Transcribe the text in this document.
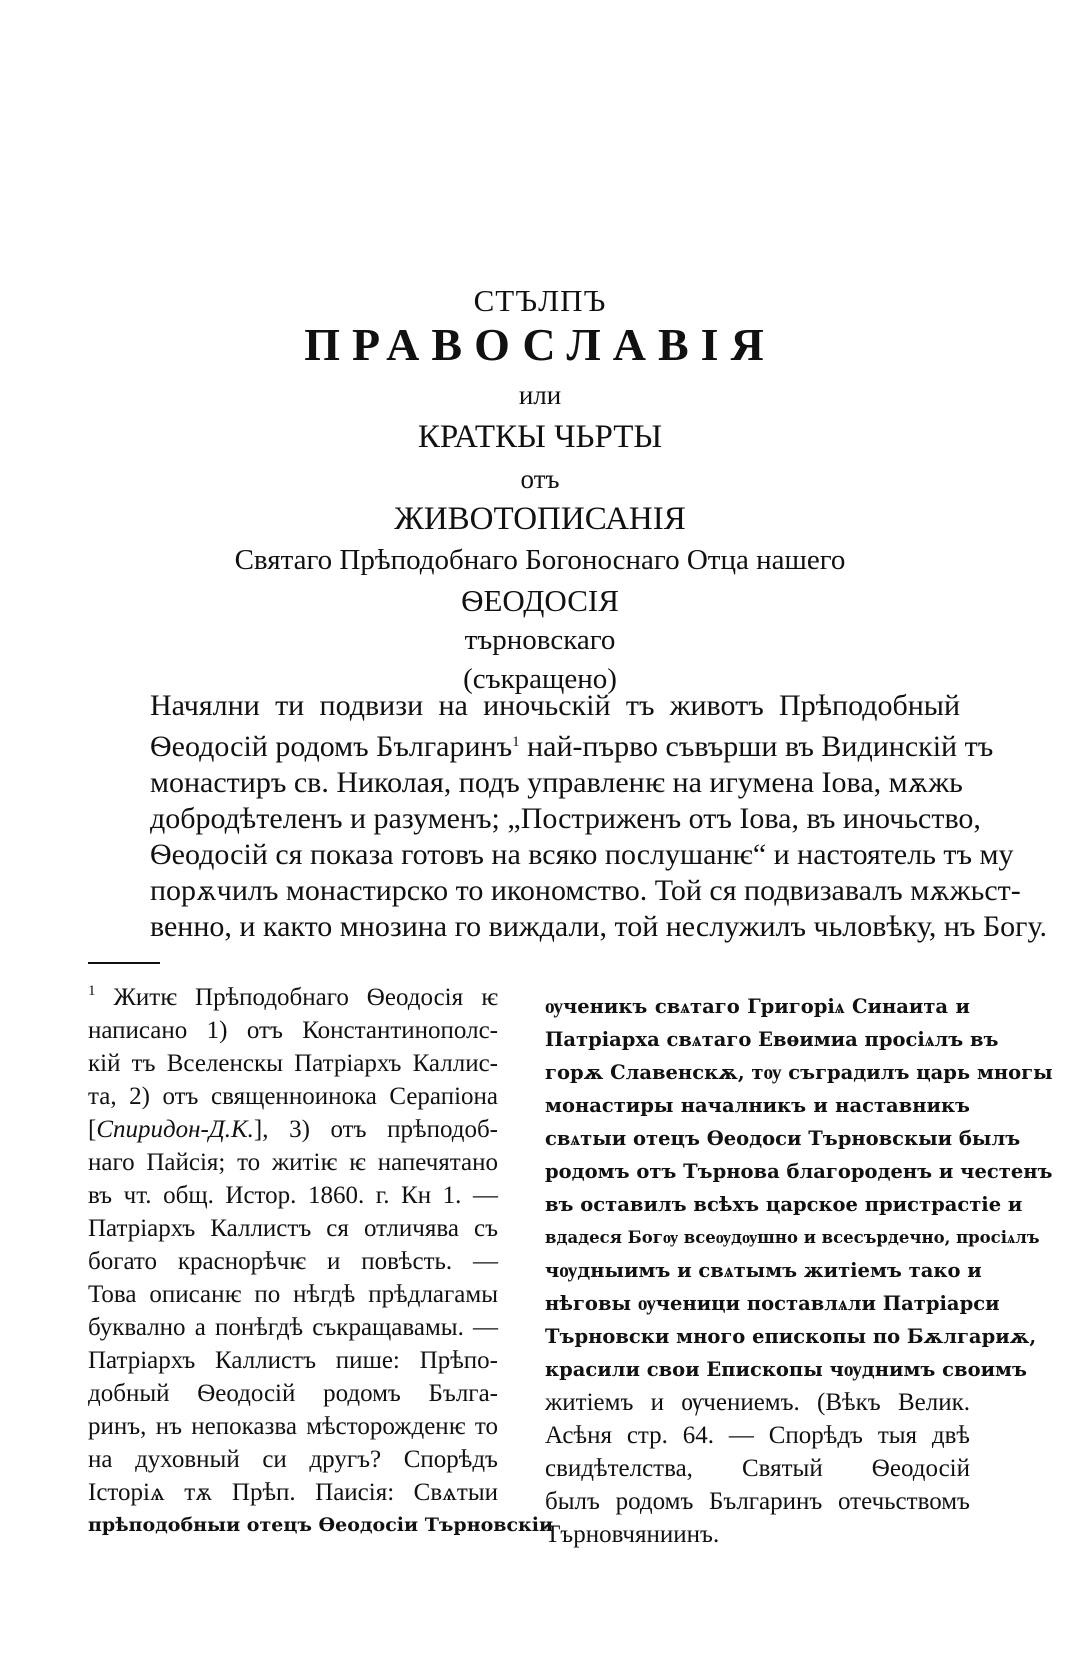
СТЪЛПЪ
ПРАВОСЛАВІЯ
или
КРАТКЫ ЧЬРТЫ
отъ
ЖИВОТОПИСАНІЯ
Святаго Прѣподобнаго Богоноснаго Отца нашего
ѲЕОДОСІЯ
търновскаго
(съкращено)
Начялни ти подвизи на иночьскій тъ животъ Прѣподобный
Ѳеодосій родомъ Българинъ$^1$ най-първо съвърши въ Видинскій тъ
монастиръ св. Николая, подъ управленѥ на игумена Іова, мѫжь
добродѣтеленъ и разуменъ; „Постриженъ отъ Іова, въ иночьство,
Ѳеодосій ся показа готовъ на всяко послушанѥ“ и настоятель тъ му
порѫчилъ монастирско то икономство. Той ся подвизавалъ мѫжьст-
венно, и както мнозина го виждали, той неслужилъ чьловѣку, нъ Богу.
$^1$ Житѥ Прѣподобнаго Ѳеодосія ѥ
написано 1) отъ Константинополс-
кій тъ Вселенскы Патріархъ Каллис-
та, 2) отъ священноинока Серапіона
[Спиридон-Д.К.], 3) отъ прѣподоб-
наго Пайсія; то житіѥ ѥ напечятано
въ чт. общ. Истор. 1860. г. Кн 1. —
Патріархъ Каллистъ ся отличява съ
богато краснорѣчѥ и повѣсть. —
Това описанѥ по нѣгдѣ прѣдлагамы
буквално а понѣгдѣ съкращавамы. —
Патріархъ Каллистъ пише: Прѣпо-
добный Ѳеодосій родомъ Бълга-
ринъ, нъ непоказва мѣсторожденѥ то
на духовный си другъ? Спорѣдъ
Історіѧ тѫ Прѣп. Паисія: Свѧтыи
прѣподобныи отецъ Ѳеодосіи Търновскіи
ѹченикъ свѧтаго Григоріѧ Синаита и
Патріарха свѧтаго Евѳимиа просіѧлъ въ
горѫ Славенскѫ, тѹ съградилъ царь многы
монастиры началникъ и наставникъ
свѧтыи отецъ Ѳеодоси Търновскыи былъ
родомъ отъ Търнова благороденъ и честенъ
въ оставилъ всѣхъ царское пристрастіе и
вдадеся Богѹ всеѹдѹшно и всесърдечно, просіѧлъ
чѹдныимъ и свѧтымъ житіемъ тако и
нѣговы ѹченици поставлѧли Патріарси
Търновски много епископы по Бѫлгариѫ,
красили свои Епископы чѹднимъ своимъ
житіемъ и ѹчениемъ. (Вѣкъ Велик.
Асѣня стр. 64. — Спорѣдъ тыя двѣ
свидѣтелства, Святый Ѳеодосій
былъ родомъ Българинъ отечьствомъ
Търновчяниинъ.
